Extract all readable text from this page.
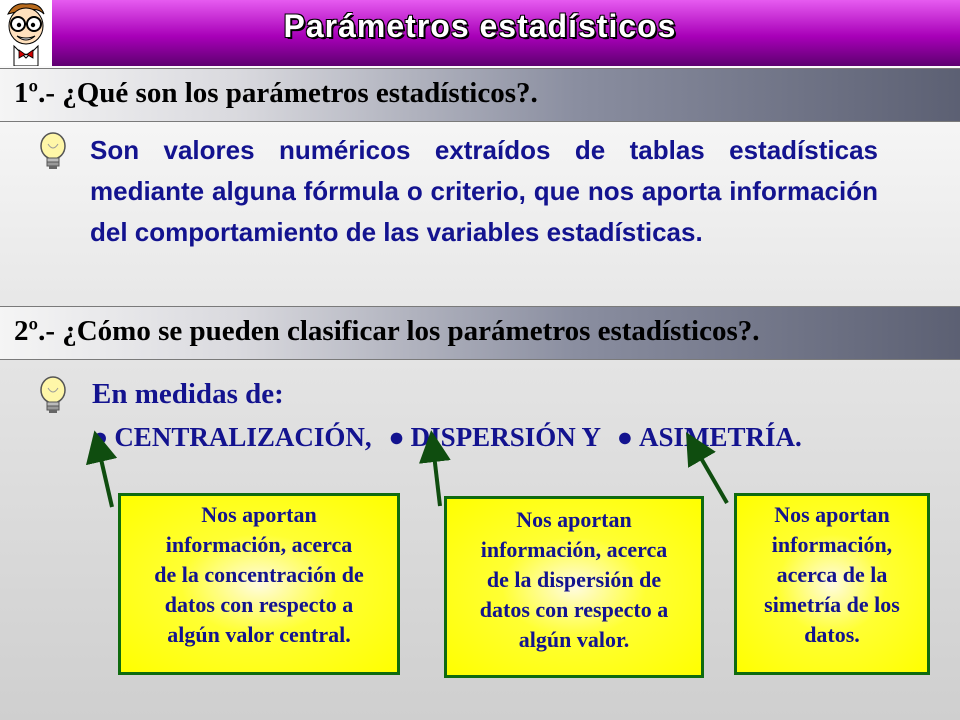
Parámetros estadísticos
1º.- ¿Qué son los parámetros estadísticos?.

Son valores numéricos extraídos de tablas estadísticas mediante alguna fórmula o criterio, que nos aporta información del comportamiento de las variables estadísticas.

2º.- ¿Cómo se pueden clasificar los parámetros estadísticos?.
En medidas de:
● CENTRALIZACIÓN, ● DISPERSIÓN Y ● ASIMETRÍA.
Nos aportan
información, acerca
de la concentración de
datos con respecto a
algún valor central.
Nos aportan
información, acerca
de la dispersión de
datos con respecto a
algún valor.
Nos aportan
información,
acerca de la
simetría de los
datos.
